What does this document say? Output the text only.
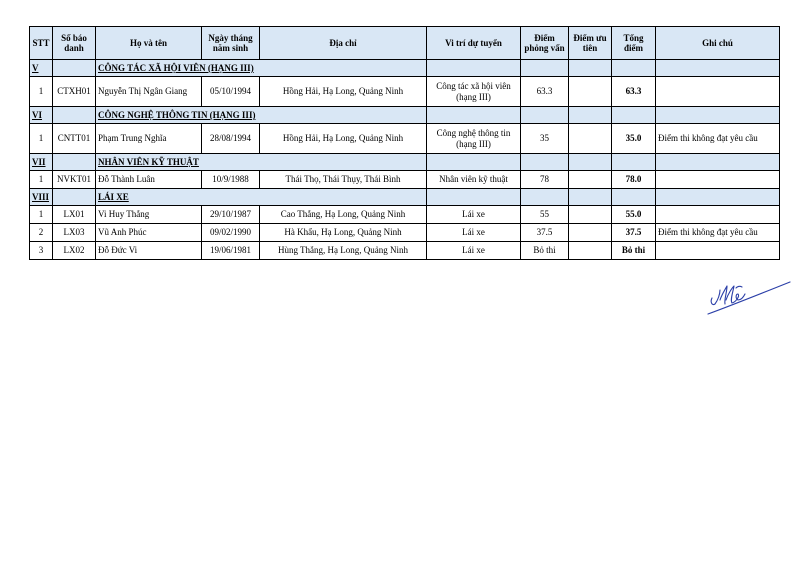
STT	Số báo danh	Họ và tên	Ngày tháng năm sinh	Địa chỉ	Vi trí dự tuyển	Điểm phỏng vấn	Điểm ưu tiên	Tổng điểm	Ghi chú
V		CÔNG TÁC XÃ HỘI VIÊN (HẠNG III)							
1	CTXH01	Nguyễn Thị Ngân Giang	05/10/1994	Hồng Hải, Hạ Long, Quảng Ninh	Công tác xã hội viên (hạng III)	63.3		63.3	
VI		CÔNG NGHỆ THÔNG TIN (HẠNG III)							
1	CNTT01	Phạm Trung Nghĩa	28/08/1994	Hồng Hải, Hạ Long, Quảng Ninh	Công nghệ thông tin (hạng III)	35		35.0	Điểm thi không đạt yêu cầu
VII		NHÂN VIÊN KỸ THUẬT							
1	NVKT01	Đỗ Thành Luân	10/9/1988	Thái Thọ, Thái Thụy, Thái Bình	Nhân viên kỹ thuật	78		78.0	
VIII		LÁI XE							
1	LX01	Vi Huy Thắng	29/10/1987	Cao Thắng, Hạ Long, Quảng Ninh	Lái xe	55		55.0	
2	LX03	Vũ Anh Phúc	09/02/1990	Hà Khẩu, Hạ Long, Quảng Ninh	Lái xe	37.5		37.5	Điểm thi không đạt yêu cầu
3	LX02	Đỗ Đức Vi	19/06/1981	Hùng Thắng, Hạ Long, Quảng Ninh	Lái xe	Bỏ thi		Bỏ thi	
